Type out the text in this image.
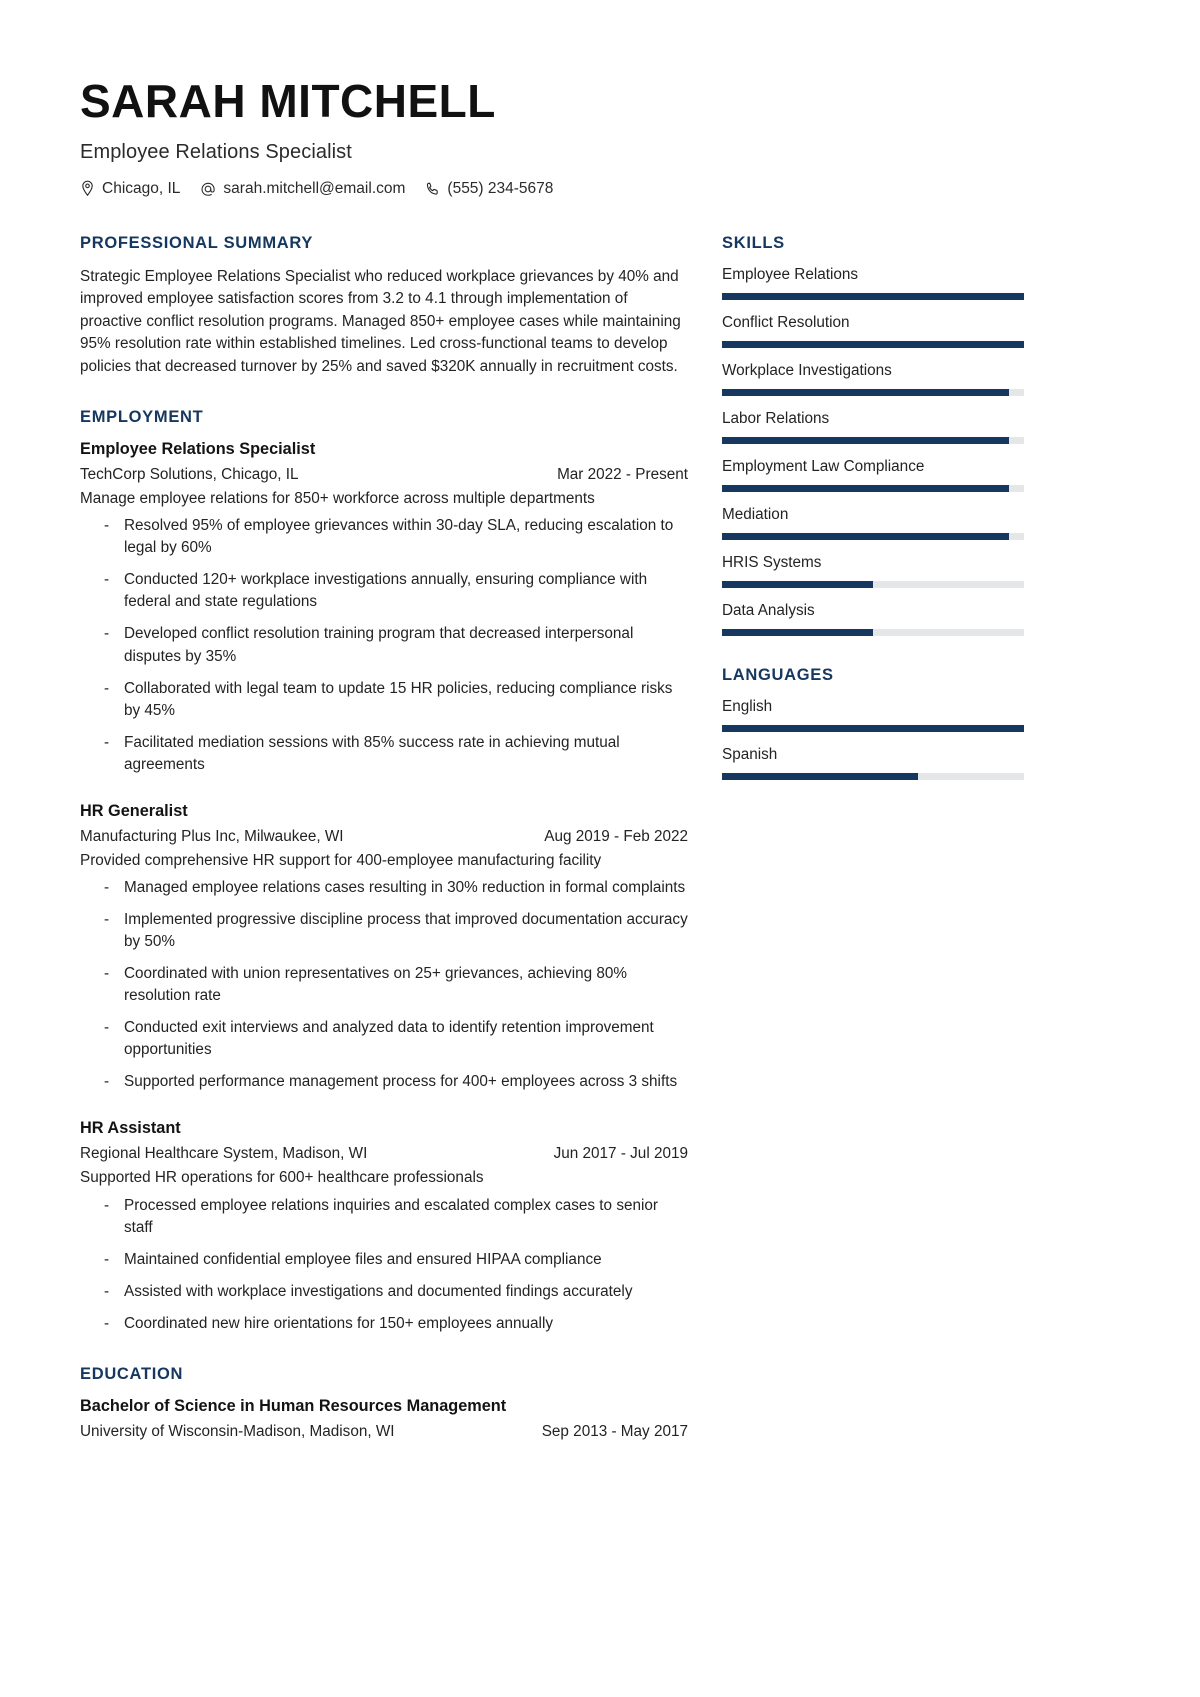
SARAH MITCHELL
Employee Relations Specialist
Chicago, IL	sarah.mitchell@email.com	(555) 234-5678
PROFESSIONAL SUMMARY

Strategic Employee Relations Specialist who reduced workplace grievances by 40% and improved employee satisfaction scores from 3.2 to 4.1 through implementation of proactive conflict resolution programs. Managed 850+ employee cases while maintaining 95% resolution rate within established timelines. Led cross-functional teams to develop policies that decreased turnover by 25% and saved $320K annually in recruitment costs.

EMPLOYMENT
Employee Relations Specialist
TechCorp Solutions, Chicago, IL	Mar 2022 - Present
Manage employee relations for 850+ workforce across multiple departments
- Resolved 95% of employee grievances within 30-day SLA, reducing escalation to legal by 60%
- Conducted 120+ workplace investigations annually, ensuring compliance with federal and state regulations
- Developed conflict resolution training program that decreased interpersonal disputes by 35%
- Collaborated with legal team to update 15 HR policies, reducing compliance risks by 45%
- Facilitated mediation sessions with 85% success rate in achieving mutual agreements
HR Generalist
Manufacturing Plus Inc, Milwaukee, WI	Aug 2019 - Feb 2022
Provided comprehensive HR support for 400-employee manufacturing facility
- Managed employee relations cases resulting in 30% reduction in formal complaints
- Implemented progressive discipline process that improved documentation accuracy by 50%
- Coordinated with union representatives on 25+ grievances, achieving 80% resolution rate
- Conducted exit interviews and analyzed data to identify retention improvement opportunities
- Supported performance management process for 400+ employees across 3 shifts
HR Assistant
Regional Healthcare System, Madison, WI	Jun 2017 - Jul 2019
Supported HR operations for 600+ healthcare professionals
- Processed employee relations inquiries and escalated complex cases to senior staff
- Maintained confidential employee files and ensured HIPAA compliance
- Assisted with workplace investigations and documented findings accurately
- Coordinated new hire orientations for 150+ employees annually
EDUCATION
Bachelor of Science in Human Resources Management
University of Wisconsin-Madison, Madison, WI	Sep 2013 - May 2017
SKILLS
Employee Relations
Conflict Resolution
Workplace Investigations
Labor Relations
Employment Law Compliance
Mediation
HRIS Systems
Data Analysis
LANGUAGES
English
Spanish
